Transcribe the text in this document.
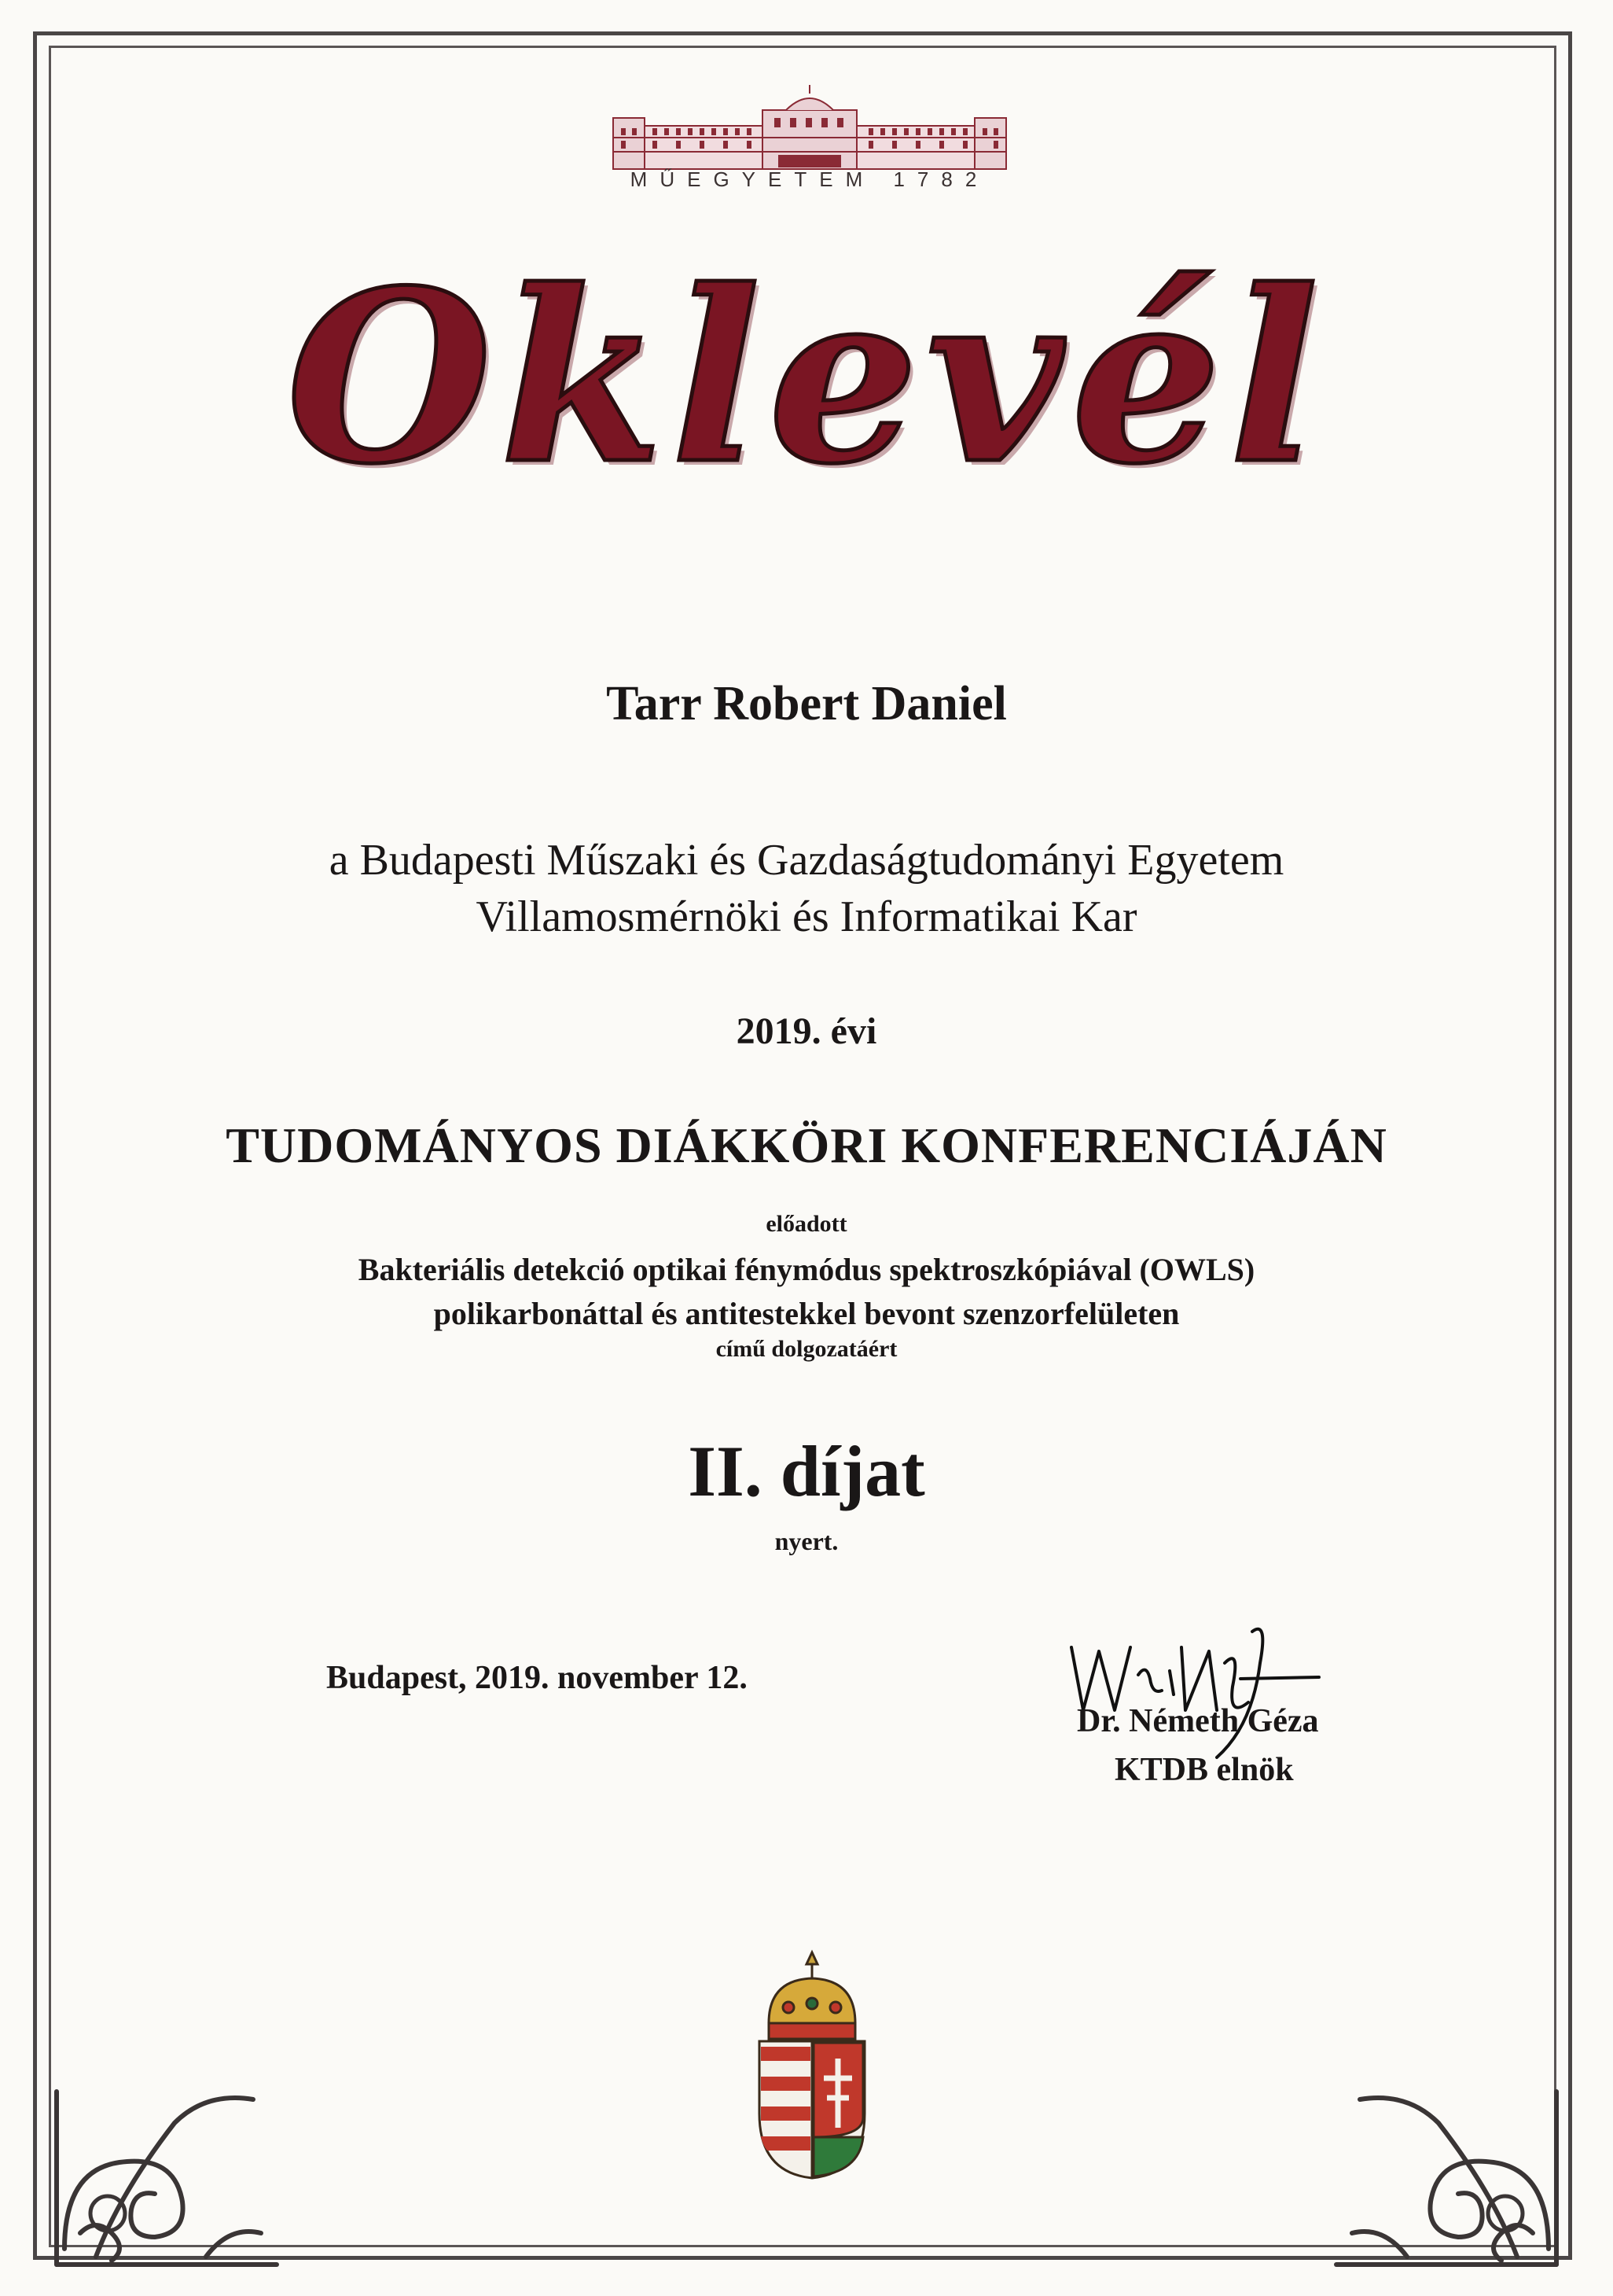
MŰEGYETEM 1782
Oklevél
Tarr Robert Daniel
a Budapesti Műszaki és Gazdaságtudományi Egyetem
Villamosmérnöki és Informatikai Kar
2019. évi
TUDOMÁNYOS DIÁKKÖRI KONFERENCIÁJÁN
előadott
Bakteriális detekció optikai fénymódus spektroszkópiával (OWLS)
polikarbonáttal és antitestekkel bevont szenzorfelületen
című dolgozatáért
II. díjat
nyert.
Budapest, 2019. november 12.
Dr. Németh Géza
KTDB elnök
